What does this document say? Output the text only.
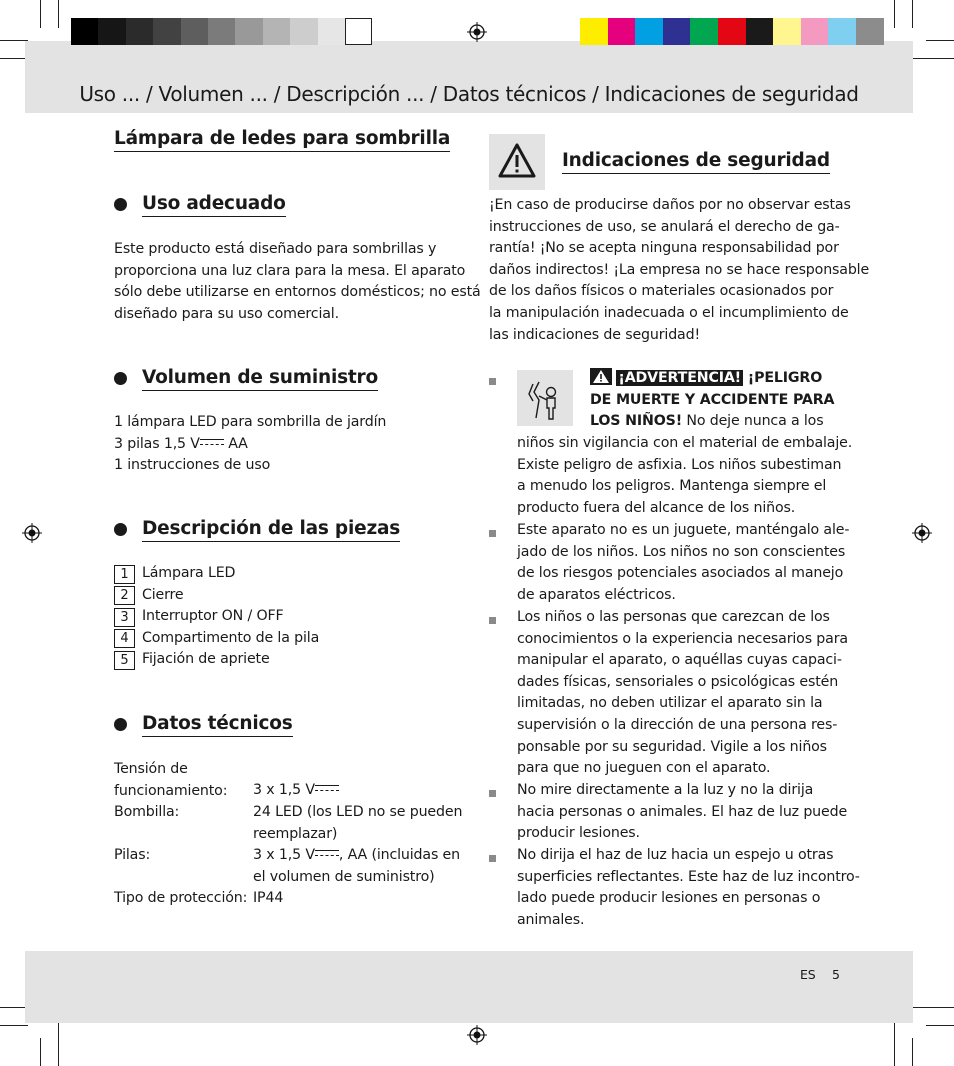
Uso ... / Volumen ... / Descripción ... / Datos técnicos / Indicaciones de seguridad
Lámpara de ledes para sombrilla
Uso adecuado
Este producto está diseñado para sombrillas y
proporciona una luz clara para la mesa. El aparato
sólo debe utilizarse en entornos domésticos; no está
diseñado para su uso comercial.
Volumen de suministro
1 lámpara LED para sombrilla de jardín
3 pilas 1,5 V AA
1 instrucciones de uso
Descripción de las piezas
1 Lámpara LED
2 Cierre
3 Interruptor ON / OFF
4 Compartimento de la pila
5 Fijación de apriete
Datos técnicos
Tensión de
funcionamiento: 3 x 1,5 V
Bombilla:	24 LED (los LED no se pueden
reemplazar)
Pilas:	3 x 1,5 V , AA (incluidas en
el volumen de suministro)
Tipo de protección: IP44
Indicaciones de seguridad
¡En caso de producirse daños por no observar estas
instrucciones de uso, se anulará el derecho de ga-
rantía! ¡No se acepta ninguna responsabilidad por
daños indirectos! ¡La empresa no se hace responsable
de los daños físicos o materiales ocasionados por
la manipulación inadecuada o el incumplimiento de
las indicaciones de seguridad!
¡ADVERTENCIA! ¡PELIGRO
DE MUERTE Y ACCIDENTE PARA
LOS NIÑOS! No deje nunca a los
niños sin vigilancia con el material de embalaje.
Existe peligro de asfixia. Los niños subestiman
a menudo los peligros. Mantenga siempre el
producto fuera del alcance de los niños.
Este aparato no es un juguete, manténgalo ale-
jado de los niños. Los niños no son conscientes
de los riesgos potenciales asociados al manejo
de aparatos eléctricos.
Los niños o las personas que carezcan de los
conocimientos o la experiencia necesarios para
manipular el aparato, o aquéllas cuyas capaci-
dades físicas, sensoriales o psicológicas estén
limitadas, no deben utilizar el aparato sin la
supervisión o la dirección de una persona res-
ponsable por su seguridad. Vigile a los niños
para que no jueguen con el aparato.
No mire directamente a la luz y no la dirija
hacia personas o animales. El haz de luz puede
producir lesiones.
No dirija el haz de luz hacia un espejo u otras
superficies reflectantes. Este haz de luz incontro-
lado puede producir lesiones en personas o
animales.
ES 5
